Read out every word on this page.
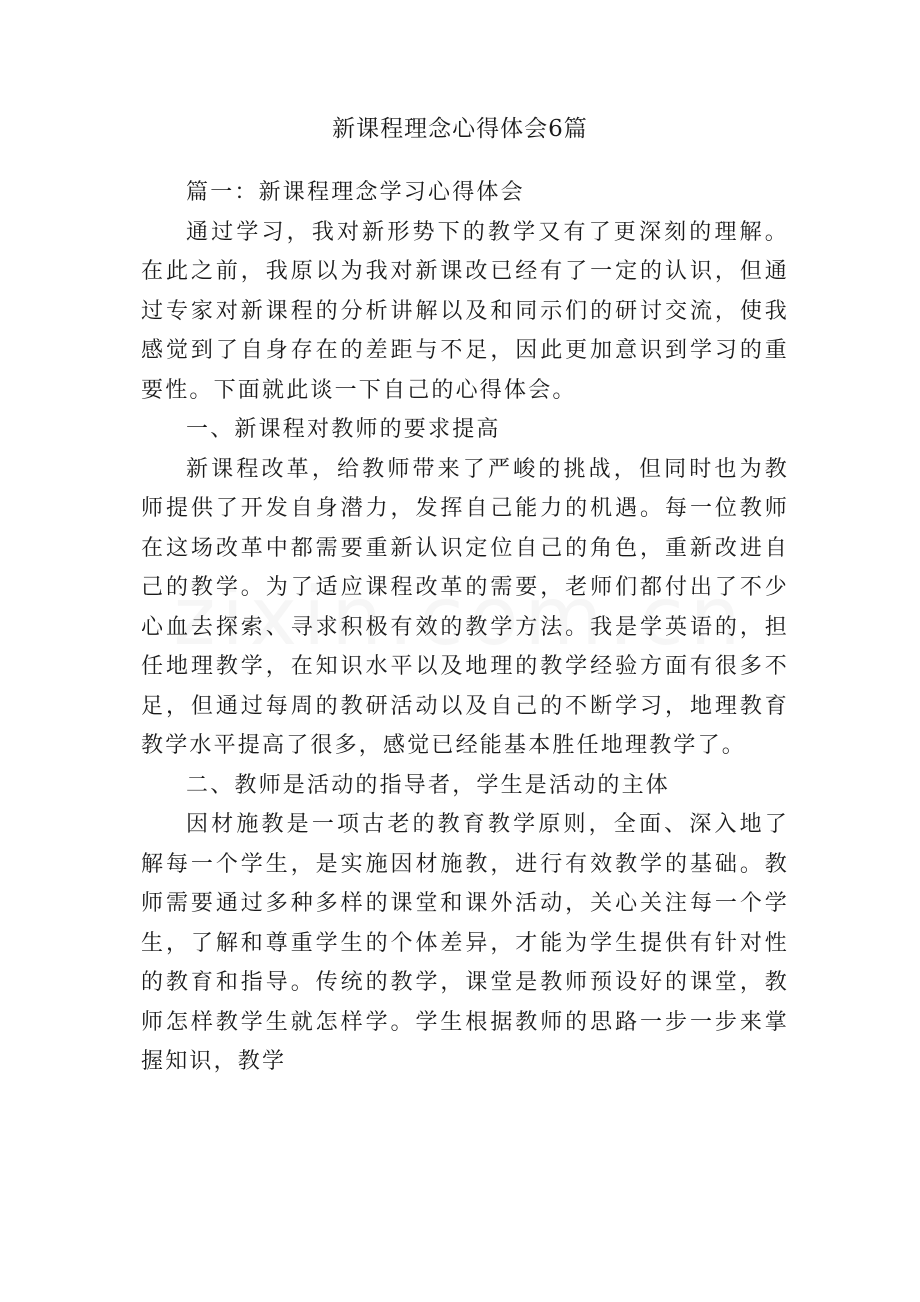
新课程理念心得体会6篇

篇一：新课程理念学习心得体会

通过学习，我对新形势下的教学又有了更深刻的理解。在此之前，我原以为我对新课改已经有了一定的认识，但通过专家对新课程的分析讲解以及和同示们的研讨交流，使我感觉到了自身存在的差距与不足，因此更加意识到学习的重要性。下面就此谈一下自己的心得体会。

一、新课程对教师的要求提高

新课程改革，给教师带来了严峻的挑战，但同时也为教师提供了开发自身潜力，发挥自己能力的机遇。每一位教师在这场改革中都需要重新认识定位自己的角色，重新改进自己的教学。为了适应课程改革的需要，老师们都付出了不少心血去探索、寻求积极有效的教学方法。我是学英语的，担任地理教学，在知识水平以及地理的教学经验方面有很多不足，但通过每周的教研活动以及自己的不断学习，地理教育教学水平提高了很多，感觉已经能基本胜任地理教学了。

二、教师是活动的指导者，学生是活动的主体

因材施教是一项古老的教育教学原则，全面、深入地了解每一个学生，是实施因材施教，进行有效教学的基础。教师需要通过多种多样的课堂和课外活动，关心关注每一个学生，了解和尊重学生的个体差异，才能为学生提供有针对性的教育和指导。传统的教学，课堂是教师预设好的课堂，教师怎样教学生就怎样学。学生根据教师的思路一步一步来掌握知识，教学
